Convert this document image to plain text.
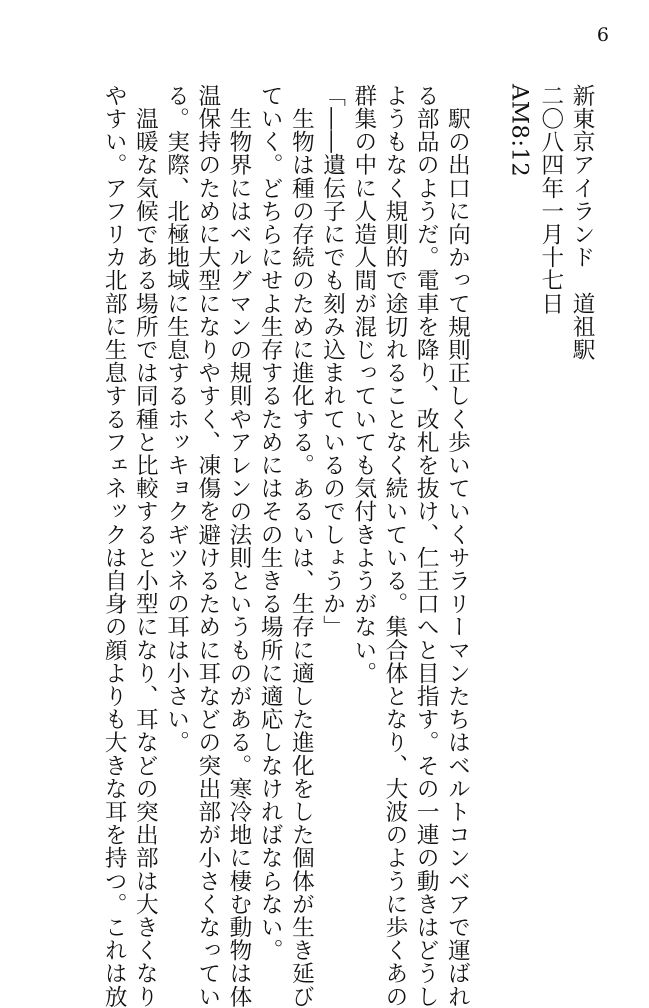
6
新東京アイランド　道祖駅
二〇八四年一月十七日
AM8:12
　駅の出口に向かって規則正しく歩いていくサラリーマンたちはベルトコンベアで運ばれ
る部品のようだ。電車を降り、改札を抜け、仁王口へと目指す。その一連の動きはどうし
ようもなく規則的で途切れることなく続いている。集合体となり、大波のように歩くあの
群集の中に人造人間が混じっていても気付きようがない。
「――遺伝子にでも刻み込まれているのでしょうか」
　生物は種の存続のために進化する。あるいは、生存に適した進化をした個体が生き延び
ていく。どちらにせよ生存するためにはその生きる場所に適応しなければならない。
　生物界にはベルグマンの規則やアレンの法則というものがある。寒冷地に棲む動物は体
温保持のために大型になりやすく、凍傷を避けるために耳などの突出部が小さくなってい
る。実際、北極地域に生息するホッキョクギツネの耳は小さい。
　温暖な気候である場所では同種と比較すると小型になり、耳などの突出部は大きくなり
やすい。アフリカ北部に生息するフェネックは自身の顔よりも大きな耳を持つ。これは放
